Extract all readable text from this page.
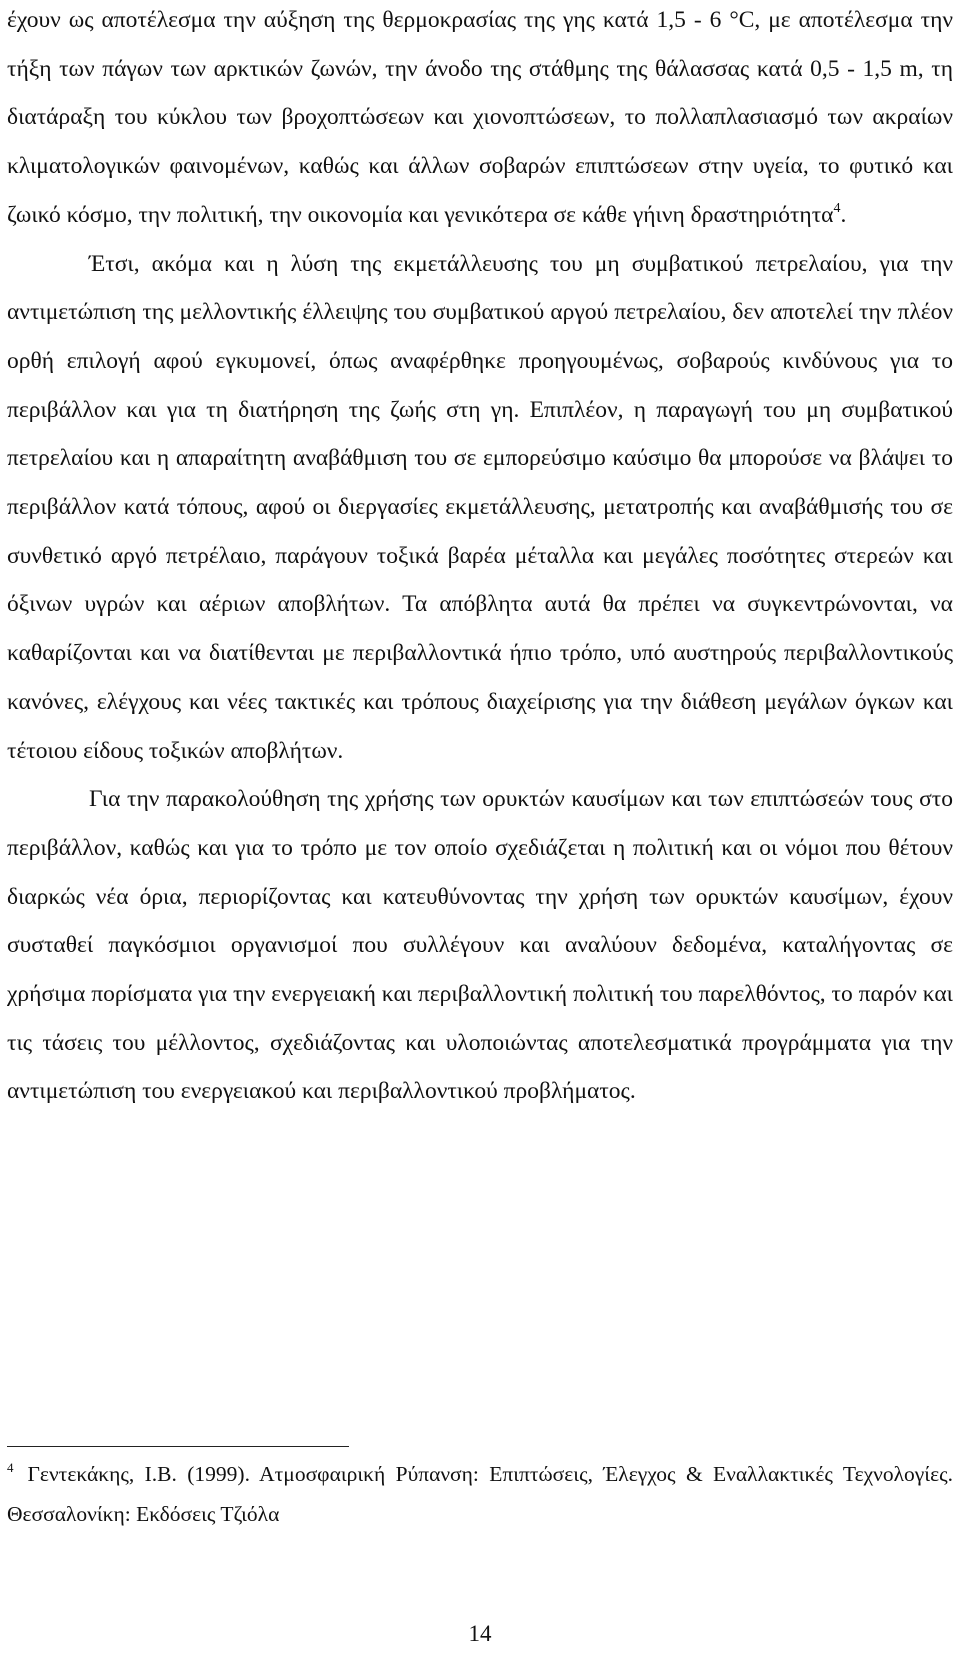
έχουν ως αποτέλεσμα την αύξηση της θερμοκρασίας της γης κατά 1,5 - 6 °C, με αποτέλεσμα την τήξη των πάγων των αρκτικών ζωνών, την άνοδο της στάθμης της θάλασσας κατά 0,5 - 1,5 m, τη διατάραξη του κύκλου των βροχοπτώσεων και χιονοπτώσεων, το πολλαπλασιασμό των ακραίων κλιματολογικών φαινομένων, καθώς και άλλων σοβαρών επιπτώσεων στην υγεία, το φυτικό και ζωικό κόσμο, την πολιτική, την οικονομία και γενικότερα σε κάθε γήινη δραστηριότητα$^4$.

Έτσι, ακόμα και η λύση της εκμετάλλευσης του μη συμβατικού πετρελαίου, για την αντιμετώπιση της μελλοντικής έλλειψης του συμβατικού αργού πετρελαίου, δεν αποτελεί την πλέον ορθή επιλογή αφού εγκυμονεί, όπως αναφέρθηκε προηγουμένως, σοβαρούς κινδύνους για το περιβάλλον και για τη διατήρηση της ζωής στη γη. Επιπλέον, η παραγωγή του μη συμβατικού πετρελαίου και η απαραίτητη αναβάθμιση του σε εμπορεύσιμο καύσιμο θα μπορούσε να βλάψει το περιβάλλον κατά τόπους, αφού οι διεργασίες εκμετάλλευσης, μετατροπής και αναβάθμισής του σε συνθετικό αργό πετρέλαιο, παράγουν τοξικά βαρέα μέταλλα και μεγάλες ποσότητες στερεών και όξινων υγρών και αέριων αποβλήτων. Τα απόβλητα αυτά θα πρέπει να συγκεντρώνονται, να καθαρίζονται και να διατίθενται με περιβαλλοντικά ήπιο τρόπο, υπό αυστηρούς περιβαλλοντικούς κανόνες, ελέγχους και νέες τακτικές και τρόπους διαχείρισης για την διάθεση μεγάλων όγκων και τέτοιου είδους τοξικών αποβλήτων.

Για την παρακολούθηση της χρήσης των ορυκτών καυσίμων και των επιπτώσεών τους στο περιβάλλον, καθώς και για το τρόπο με τον οποίο σχεδιάζεται η πολιτική και οι νόμοι που θέτουν διαρκώς νέα όρια, περιορίζοντας και κατευθύνοντας την χρήση των ορυκτών καυσίμων, έχουν συσταθεί παγκόσμιοι οργανισμοί που συλλέγουν και αναλύουν δεδομένα, καταλήγοντας σε χρήσιμα πορίσματα για την ενεργειακή και περιβαλλοντική πολιτική του παρελθόντος, το παρόν και τις τάσεις του μέλλοντος, σχεδιάζοντας και υλοποιώντας αποτελεσματικά προγράμματα για την αντιμετώπιση του ενεργειακού και περιβαλλοντικού προβλήματος.

$^4$ Γεντεκάκης, Ι.Β. (1999). Ατμοσφαιρική Ρύπανση: Επιπτώσεις, Έλεγχος & Εναλλακτικές Τεχνολογίες. Θεσσαλονίκη: Εκδόσεις Τζιόλα

14
